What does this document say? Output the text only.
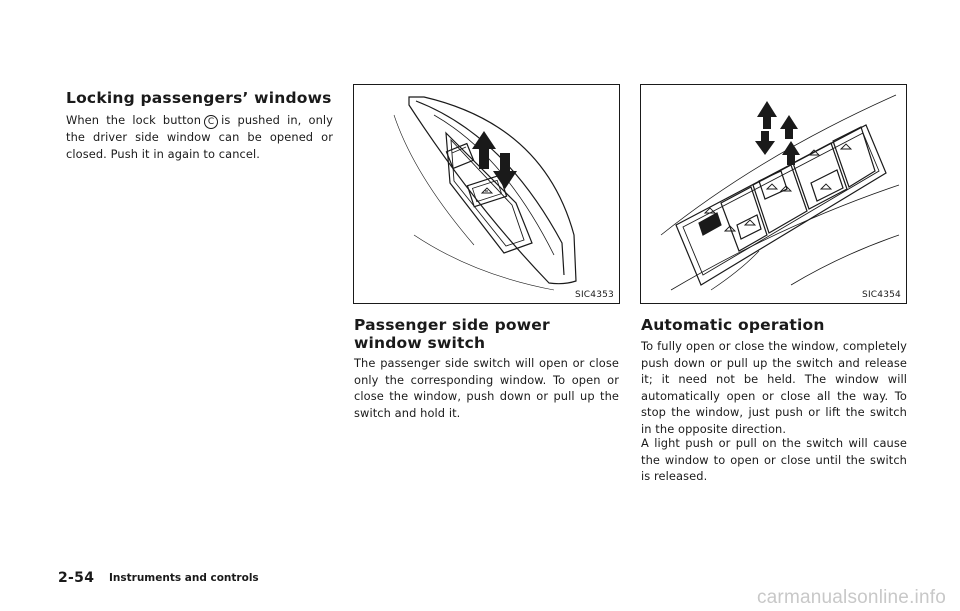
Locking passengers’ windows

When the lock button C is pushed in, only the driver side window can be opened or closed. Push it in again to cancel.

SIC4353	SIC4354
Passenger side power window switch

The passenger side switch will open or close only the corresponding window. To open or close the window, push down or pull up the switch and hold it.

Automatic operation

To fully open or close the window, completely push down or pull up the switch and release it; it need not be held. The window will automatically open or close all the way. To stop the window, just push or lift the switch in the opposite direction.

A light push or pull on the switch will cause the window to open or close until the switch is released.

2-54 Instruments and controls
carmanualsonline.info
